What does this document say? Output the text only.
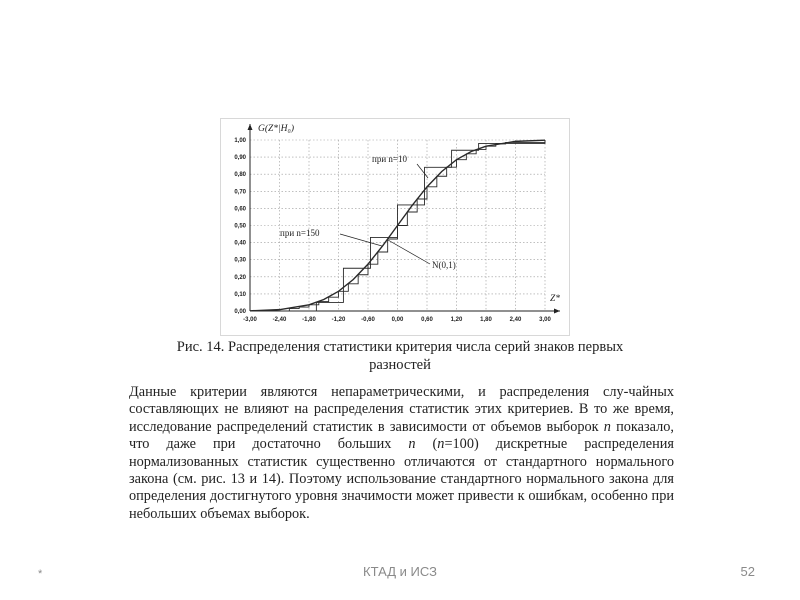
-3,00	-2,40	-1,80	-1,20	-0,60	0,00	0,60	1,20	1,80	2,40	3,00
0,00
0,10
0,20
0,30
0,40
0,50
0,60
0,70
0,80
0,90
1,00
G(Z*|H₀)
Z*
при n=10
при n=150
N(0,1)
Рис. 14. Распределения статистики критерия числа серий знаков первых
разностей
Данные критерии являются непараметрическими, и распределения слу-чайных составляющих не влияют на распределения статистик этих критериев. В то же время, исследование распределений статистик в зависимости от объемов выборок n показало, что даже при достаточно больших n (n=100) дискретные распределения нормализованных статистик существенно отличаются от стандартного нормального закона (см. рис. 13 и 14). Поэтому использование стандартного нормального закона для определения достигнутого уровня значимости может привести к ошибкам, особенно при небольших объемах выборок.
*	КТАД и ИСЗ	52
